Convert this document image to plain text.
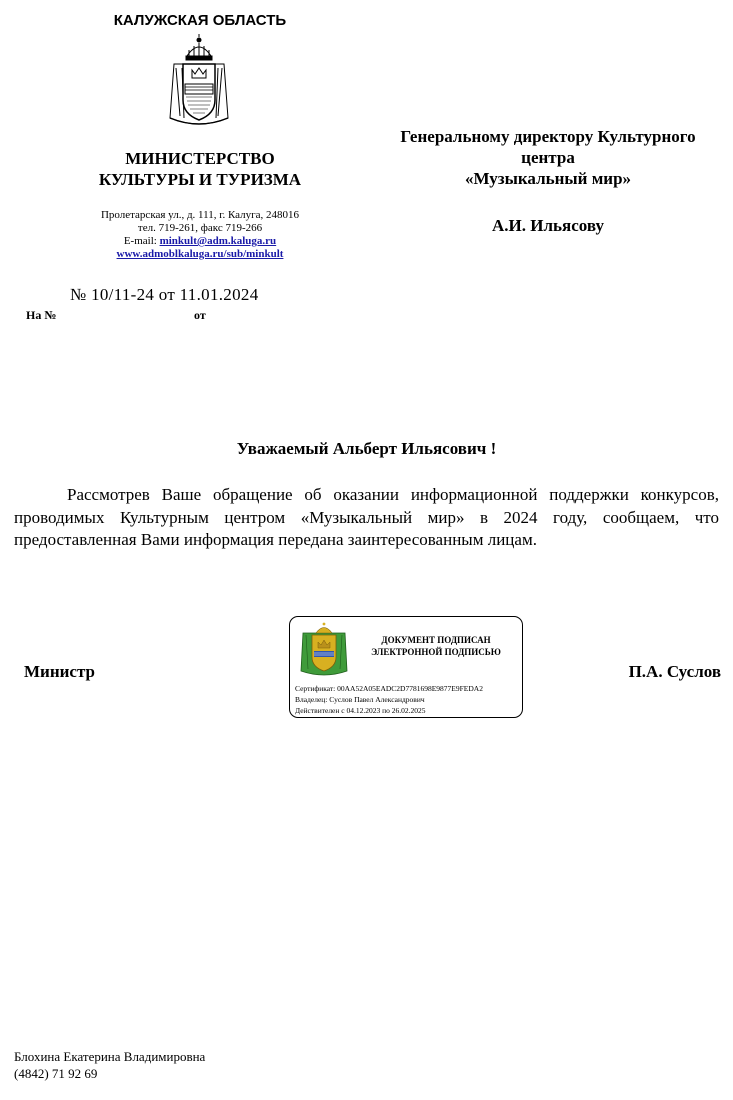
КАЛУЖСКАЯ ОБЛАСТЬ
МИНИСТЕРСТВО
КУЛЬТУРЫ И ТУРИЗМА
Пролетарская ул., д. 111, г. Калуга, 248016
тел. 719-261, факс 719-266
E-mail: minkult@adm.kaluga.ru
www.admoblkaluga.ru/sub/minkult
№ 10/11-24 от 11.01.2024
На №	от
Генеральному директору Культурного
центра
«Музыкальный мир»
А.И. Ильясову
Уважаемый Альберт Ильясович !

Рассмотрев Ваше обращение об оказании информационной поддержки конкурсов, проводимых Культурным центром «Музыкальный мир» в 2024 году, сообщаем, что предоставленная Вами информация передана заинтересованным лицам.

Министр	П.А. Суслов
ДОКУМЕНТ ПОДПИСАН
ЭЛЕКТРОННОЙ ПОДПИСЬЮ
Сертификат: 00AA52A05EADC2D7781698E9877E9FEDA2
Владелец: Суслов Павел Александрович
Действителен с 04.12.2023 по 26.02.2025
Блохина Екатерина Владимировна
(4842) 71 92 69
